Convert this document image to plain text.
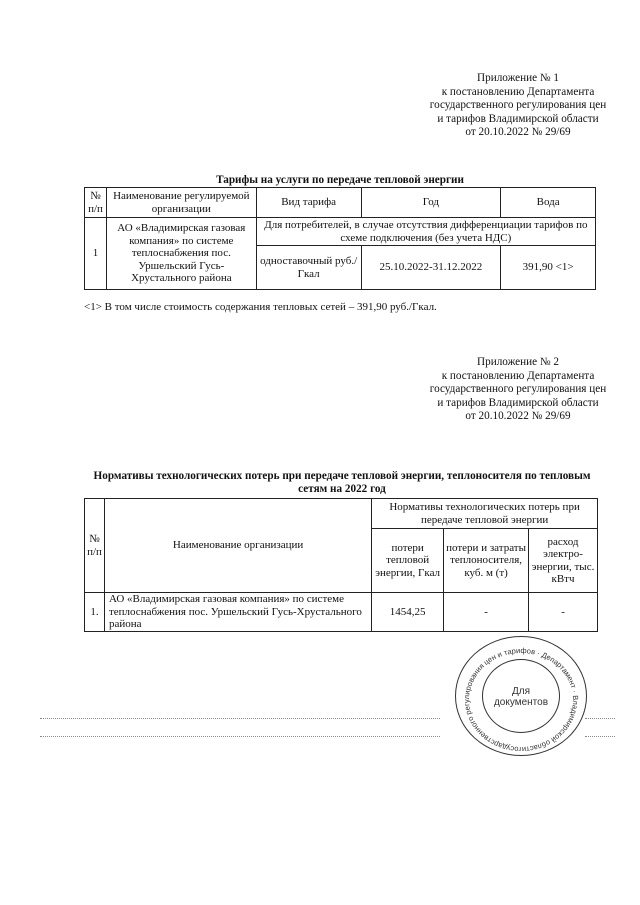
Приложение № 1
к постановлению Департамента
государственного регулирования цен
и тарифов Владимирской области
от 20.10.2022 № 29/69
Тарифы на услуги по передаче тепловой энергии
№ п/п	Наименование регулируемой организации	Вид тарифа	Год	Вода
1	АО «Владимирская газовая компания» по системе теплоснабжения пос. Уршельский Гусь-Хрустального района	Для потребителей, в случае отсутствия дифференциации тарифов по схеме подключения (без учета НДС)		
		одноставочный руб./Гкал	25.10.2022-31.12.2022	391,90 <1>
<1> В том числе стоимость содержания тепловых сетей – 391,90 руб./Гкал.
Приложение № 2
к постановлению Департамента
государственного регулирования цен
и тарифов Владимирской области
от 20.10.2022 № 29/69
Нормативы технологических потерь при передаче тепловой энергии, теплоносителя по тепловым сетям на 2022 год
№ п/п	Наименование организации	Нормативы технологических потерь при передаче тепловой энергии		
		потери тепловой энергии, Гкал	потери и затраты теплоносителя, куб. м (т)	расход электро-энергии, тыс. кВтч
1.	АО «Владимирская газовая компания» по системе теплоснабжения пос. Уршельский Гусь-Хрустального района	1454,25	-	-
государственного регулирования цен и тарифов · Департамент · Владимирской области
Для документов
